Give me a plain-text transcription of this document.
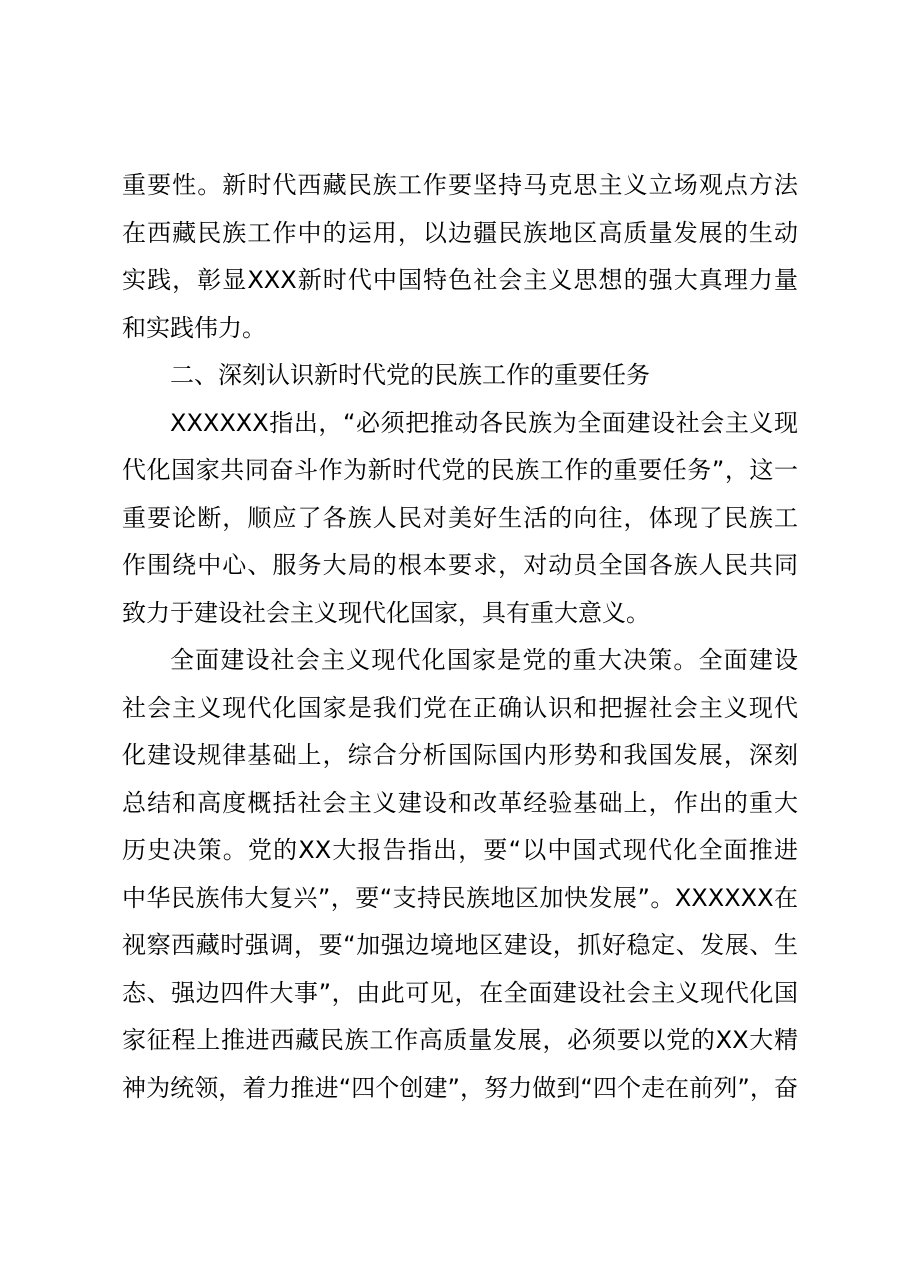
重要性。新时代西藏民族工作要坚持马克思主义立场观点方法
在西藏民族工作中的运用，以边疆民族地区高质量发展的生动
实践，彰显XXX新时代中国特色社会主义思想的强大真理力量
和实践伟力。
二、深刻认识新时代党的民族工作的重要任务
XXXXXX指出，“必须把推动各民族为全面建设社会主义现
代化国家共同奋斗作为新时代党的民族工作的重要任务”，这一
重要论断，顺应了各族人民对美好生活的向往，体现了民族工
作围绕中心、服务大局的根本要求，对动员全国各族人民共同
致力于建设社会主义现代化国家，具有重大意义。
全面建设社会主义现代化国家是党的重大决策。全面建设
社会主义现代化国家是我们党在正确认识和把握社会主义现代
化建设规律基础上，综合分析国际国内形势和我国发展，深刻
总结和高度概括社会主义建设和改革经验基础上，作出的重大
历史决策。党的XX大报告指出，要“以中国式现代化全面推进
中华民族伟大复兴”，要“支持民族地区加快发展”。XXXXXX在
视察西藏时强调，要“加强边境地区建设，抓好稳定、发展、生
态、强边四件大事”，由此可见，在全面建设社会主义现代化国
家征程上推进西藏民族工作高质量发展，必须要以党的XX大精
神为统领，着力推进“四个创建”，努力做到“四个走在前列”，奋
